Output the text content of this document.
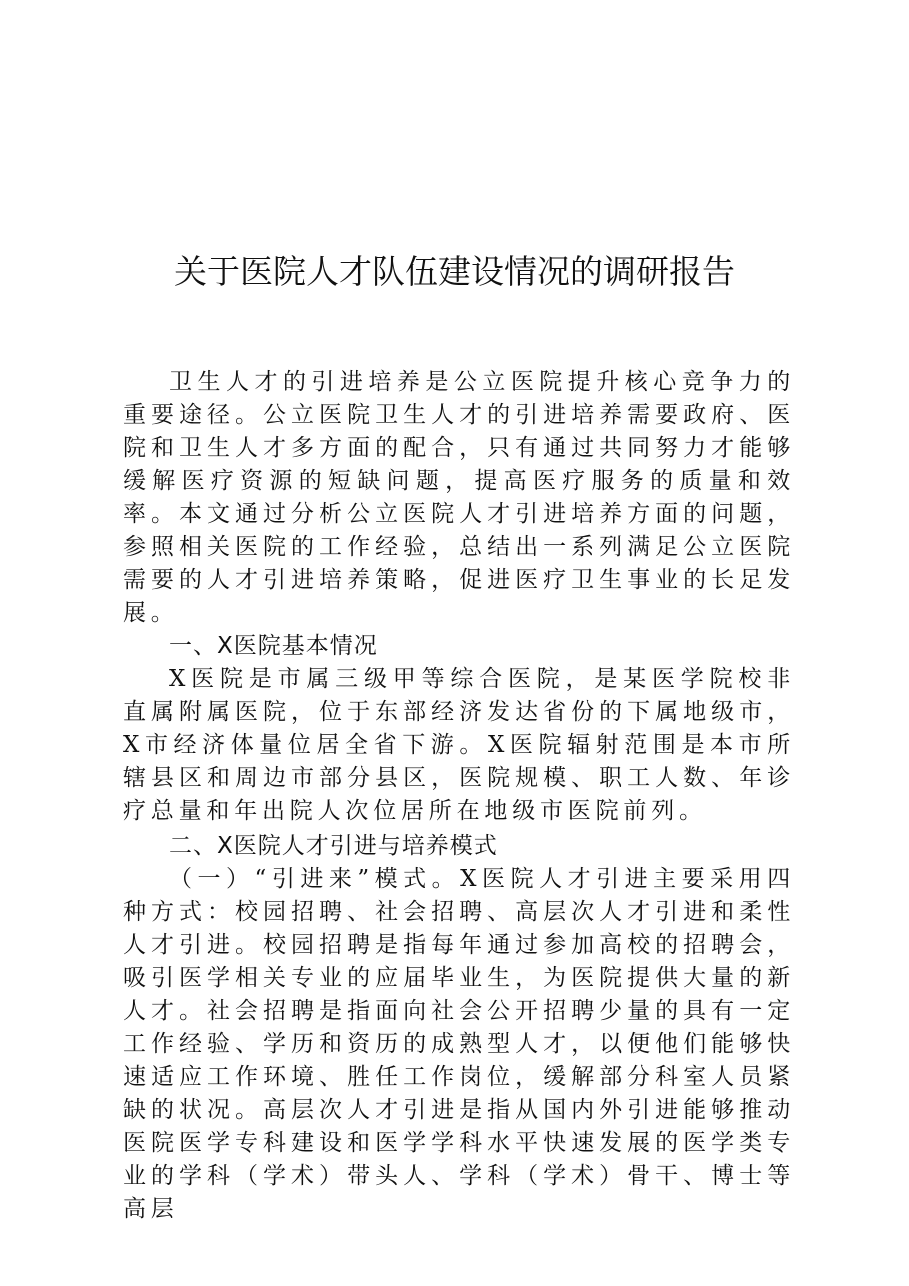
关于医院人才队伍建设情况的调研报告

卫生人才的引进培养是公立医院提升核心竞争力的重要途径。公立医院卫生人才的引进培养需要政府、医院和卫生人才多方面的配合，只有通过共同努力才能够缓解医疗资源的短缺问题，提高医疗服务的质量和效率。本文通过分析公立医院人才引进培养方面的问题，参照相关医院的工作经验，总结出一系列满足公立医院需要的人才引进培养策略，促进医疗卫生事业的长足发展。

一、X医院基本情况

X医院是市属三级甲等综合医院，是某医学院校非直属附属医院，位于东部经济发达省份的下属地级市，X市经济体量位居全省下游。X医院辐射范围是本市所辖县区和周边市部分县区，医院规模、职工人数、年诊疗总量和年出院人次位居所在地级市医院前列。

二、X医院人才引进与培养模式

（一）“引进来”模式。X医院人才引进主要采用四种方式：校园招聘、社会招聘、高层次人才引进和柔性人才引进。校园招聘是指每年通过参加高校的招聘会，吸引医学相关专业的应届毕业生，为医院提供大量的新人才。社会招聘是指面向社会公开招聘少量的具有一定工作经验、学历和资历的成熟型人才，以便他们能够快速适应工作环境、胜任工作岗位，缓解部分科室人员紧缺的状况。高层次人才引进是指从国内外引进能够推动医院医学专科建设和医学学科水平快速发展的医学类专业的学科（学术）带头人、学科（学术）骨干、博士等高层
